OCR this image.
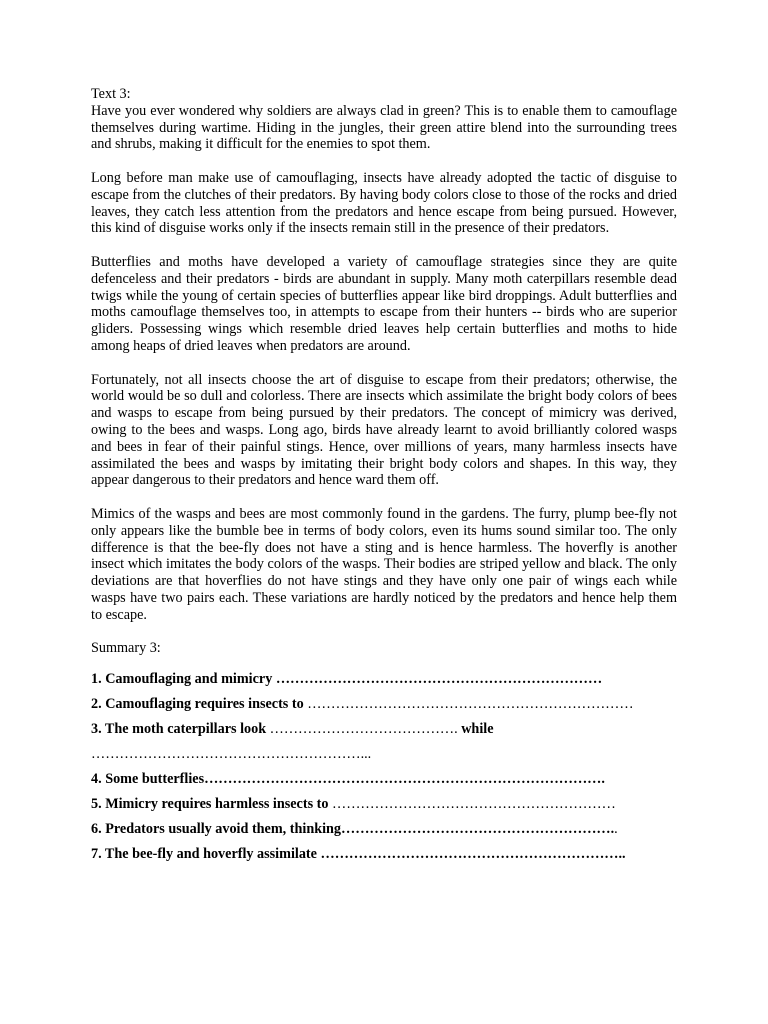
Text 3:

Have you ever wondered why soldiers are always clad in green? This is to enable them to camouflage themselves during wartime. Hiding in the jungles, their green attire blend into the surrounding trees and shrubs, making it difficult for the enemies to spot them.

Long before man make use of camouflaging, insects have already adopted the tactic of disguise to escape from the clutches of their predators. By having body colors close to those of the rocks and dried leaves, they catch less attention from the predators and hence escape from being pursued. However, this kind of disguise works only if the insects remain still in the presence of their predators.

Butterflies and moths have developed a variety of camouflage strategies since they are quite defenceless and their predators - birds are abundant in supply. Many moth caterpillars resemble dead twigs while the young of certain species of butterflies appear like bird droppings. Adult butterflies and moths camouflage themselves too, in attempts to escape from their hunters -- birds who are superior gliders. Possessing wings which resemble dried leaves help certain butterflies and moths to hide among heaps of dried leaves when predators are around.

Fortunately, not all insects choose the art of disguise to escape from their predators; otherwise, the world would be so dull and colorless. There are insects which assimilate the bright body colors of bees and wasps to escape from being pursued by their predators. The concept of mimicry was derived, owing to the bees and wasps. Long ago, birds have already learnt to avoid brilliantly colored wasps and bees in fear of their painful stings. Hence, over millions of years, many harmless insects have assimilated the bees and wasps by imitating their bright body colors and shapes. In this way, they appear dangerous to their predators and hence ward them off.

Mimics of the wasps and bees are most commonly found in the gardens. The furry, plump bee-fly not only appears like the bumble bee in terms of body colors, even its hums sound similar too. The only difference is that the bee-fly does not have a sting and is hence harmless. The hoverfly is another insect which imitates the body colors of the wasps. Their bodies are striped yellow and black. The only deviations are that hoverflies do not have stings and they have only one pair of wings each while wasps have two pairs each. These variations are hardly noticed by the predators and hence help them to escape.

Summary 3:

1. Camouflaging and mimicry ……………………………………………………………

2. Camouflaging requires insects to ……………………………………………………………

3. The moth caterpillars look …………………………………. while

…………………………………………………...

4. Some butterflies………………………………………………………………………….

5. Mimicry requires harmless insects to ……………………………………………………

6. Predators usually avoid them, thinking…………………………………………………..

7. The bee-fly and hoverfly assimilate ………………………………………………………..
